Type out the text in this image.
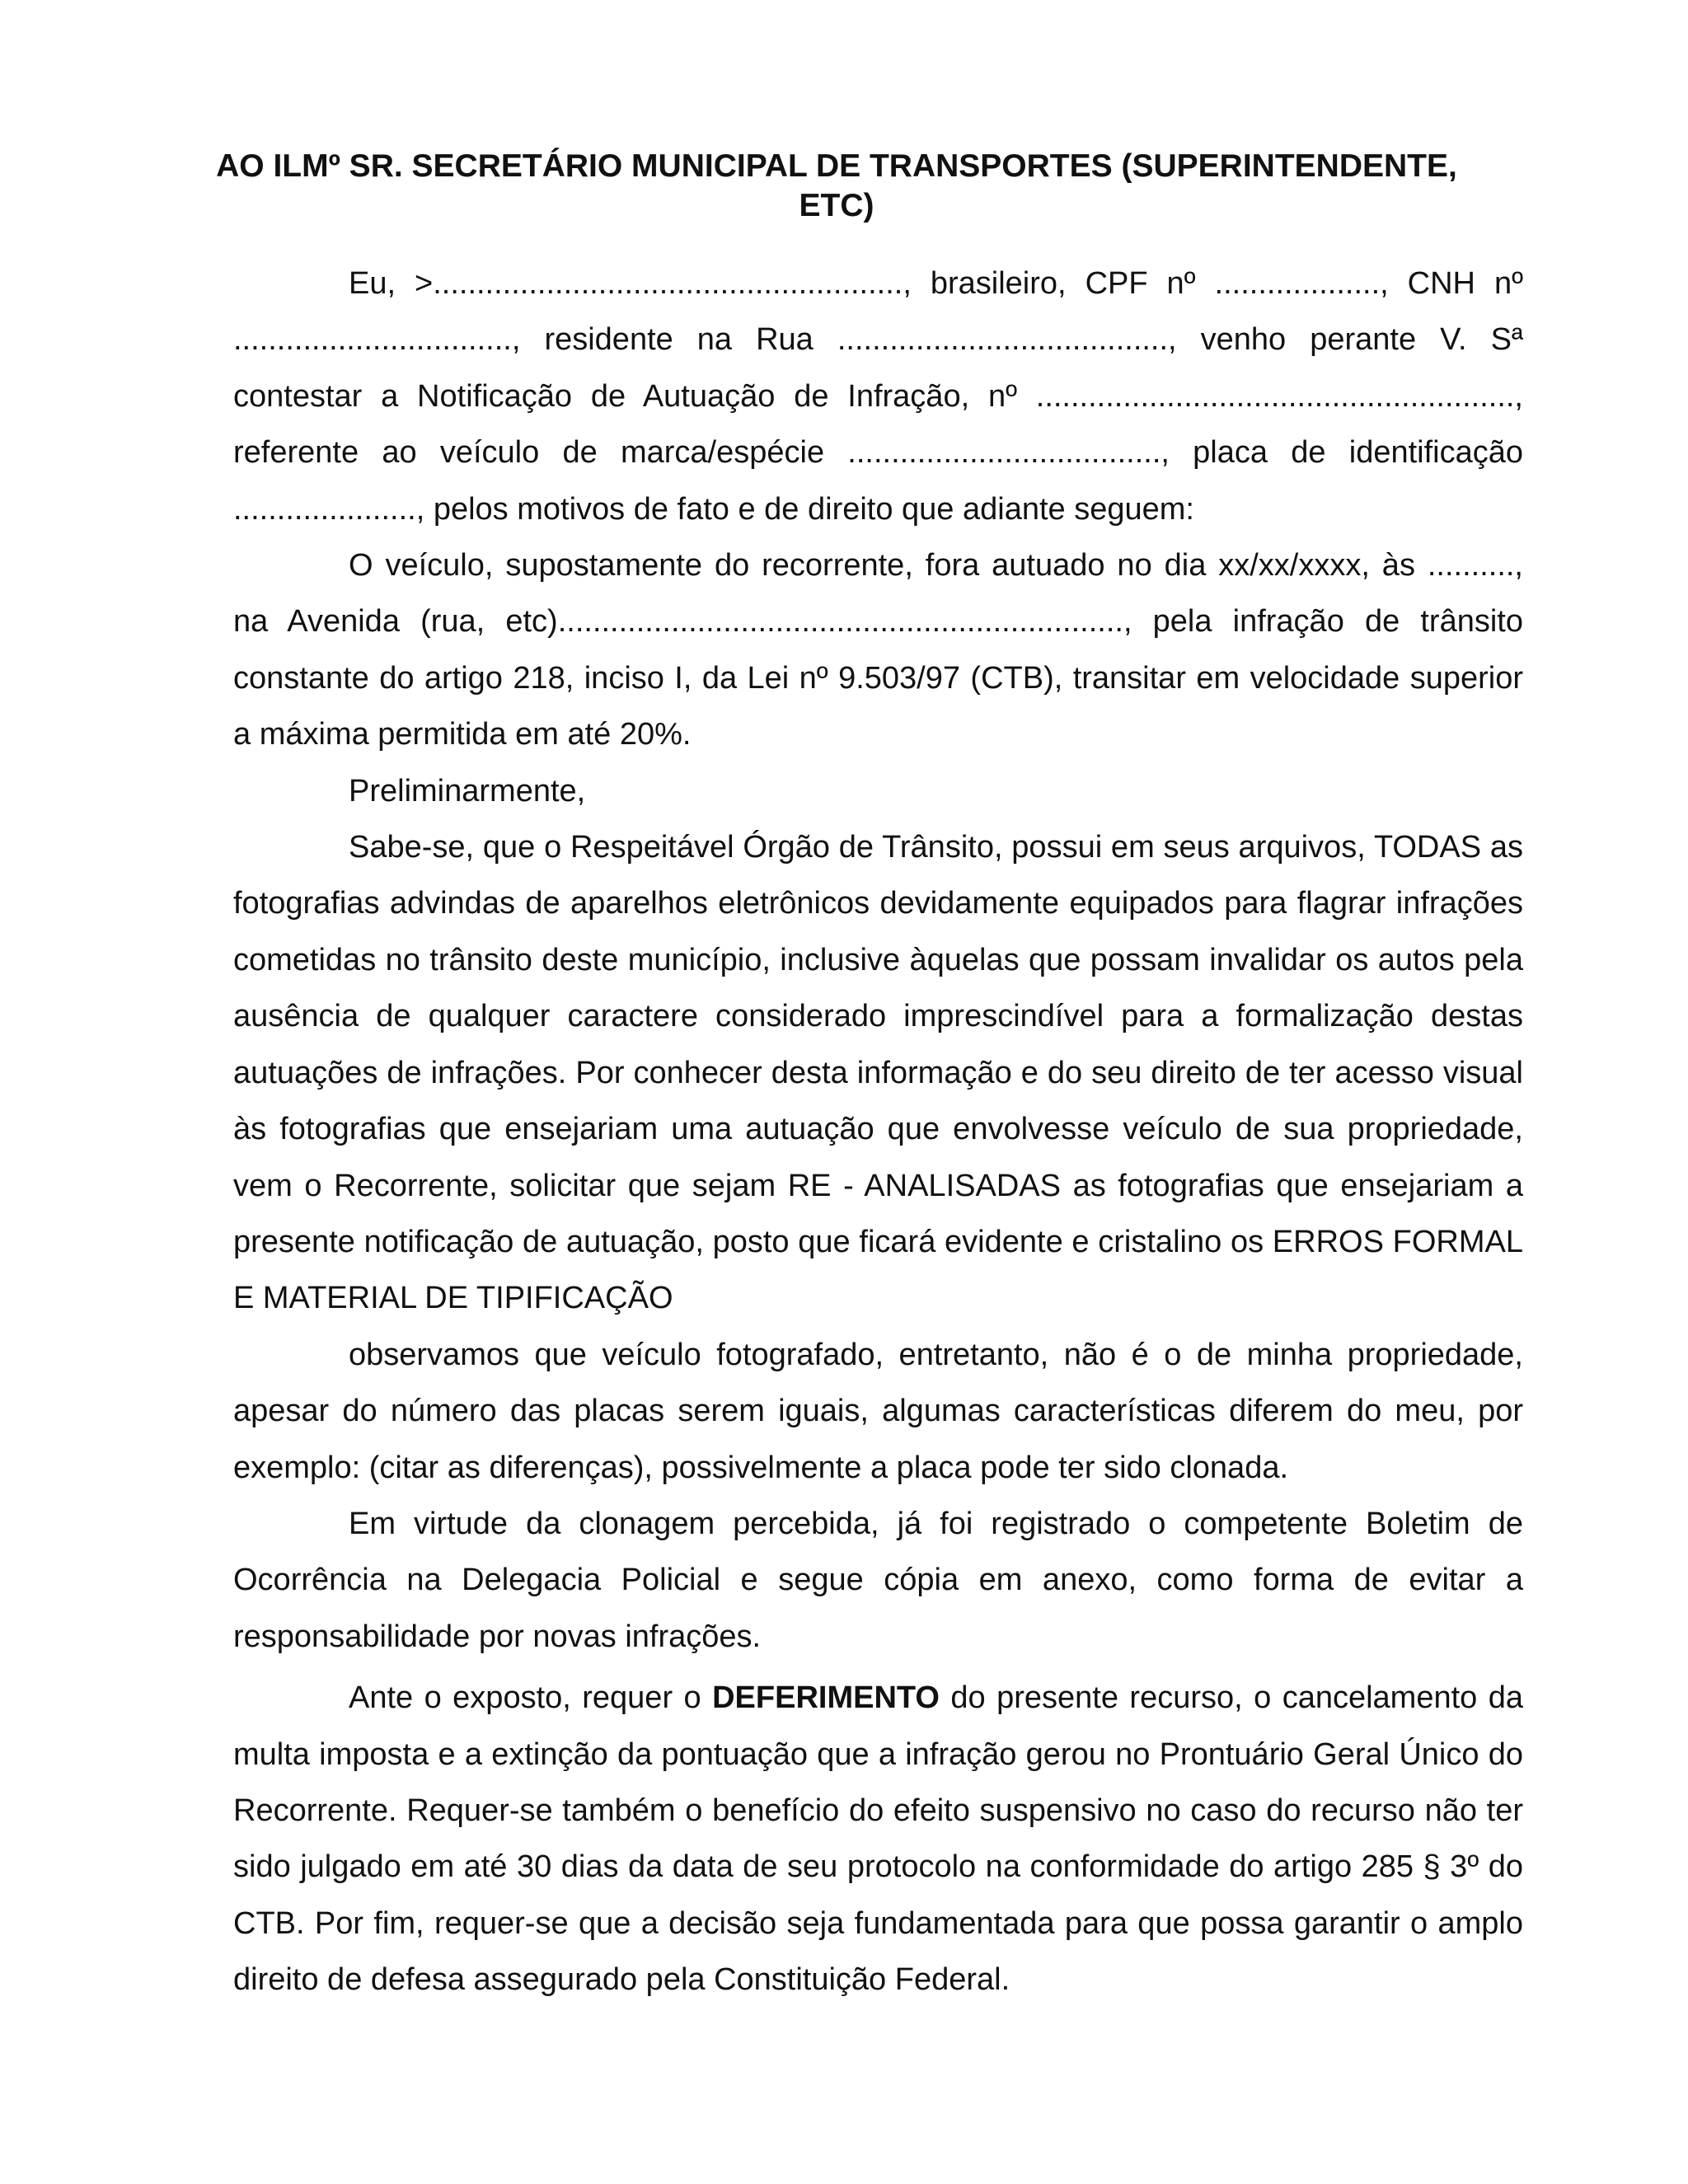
AO ILMº SR. SECRETÁRIO MUNICIPAL DE TRANSPORTES (SUPERINTENDENTE, ETC)

Eu, >......................................................, brasileiro, CPF nº ..................., CNH nº ................................, residente na Rua ......................................, venho perante V. Sª contestar a Notificação de Autuação de Infração, nº ......................................................., referente ao veículo de marca/espécie ...................................., placa de identificação ....................., pelos motivos de fato e de direito que adiante seguem:

O veículo, supostamente do recorrente, fora autuado no dia xx/xx/xxxx, às .........., na Avenida (rua, etc)................................................................., pela infração de trânsito constante do artigo 218, inciso I, da Lei nº 9.503/97 (CTB), transitar em velocidade superior a máxima permitida em até 20%.

Preliminarmente,

Sabe-se, que o Respeitável Órgão de Trânsito, possui em seus arquivos, TODAS as fotografias advindas de aparelhos eletrônicos devidamente equipados para flagrar infrações cometidas no trânsito deste município, inclusive àquelas que possam invalidar os autos pela ausência de qualquer caractere considerado imprescindível para a formalização destas autuações de infrações. Por conhecer desta informação e do seu direito de ter acesso visual às fotografias que ensejariam uma autuação que envolvesse veículo de sua propriedade, vem o Recorrente, solicitar que sejam RE - ANALISADAS as fotografias que ensejariam a presente notificação de autuação, posto que ficará evidente e cristalino os ERROS FORMAL E MATERIAL DE TIPIFICAÇÃO

observamos que veículo fotografado, entretanto, não é o de minha propriedade, apesar do número das placas serem iguais, algumas características diferem do meu, por exemplo: (citar as diferenças), possivelmente a placa pode ter sido clonada.

Em virtude da clonagem percebida, já foi registrado o competente Boletim de Ocorrência na Delegacia Policial e segue cópia em anexo, como forma de evitar a responsabilidade por novas infrações.

Ante o exposto, requer o DEFERIMENTO do presente recurso, o cancelamento da multa imposta e a extinção da pontuação que a infração gerou no Prontuário Geral Único do Recorrente. Requer-se também o benefício do efeito suspensivo no caso do recurso não ter sido julgado em até 30 dias da data de seu protocolo na conformidade do artigo 285 § 3º do CTB. Por fim, requer-se que a decisão seja fundamentada para que possa garantir o amplo direito de defesa assegurado pela Constituição Federal.
